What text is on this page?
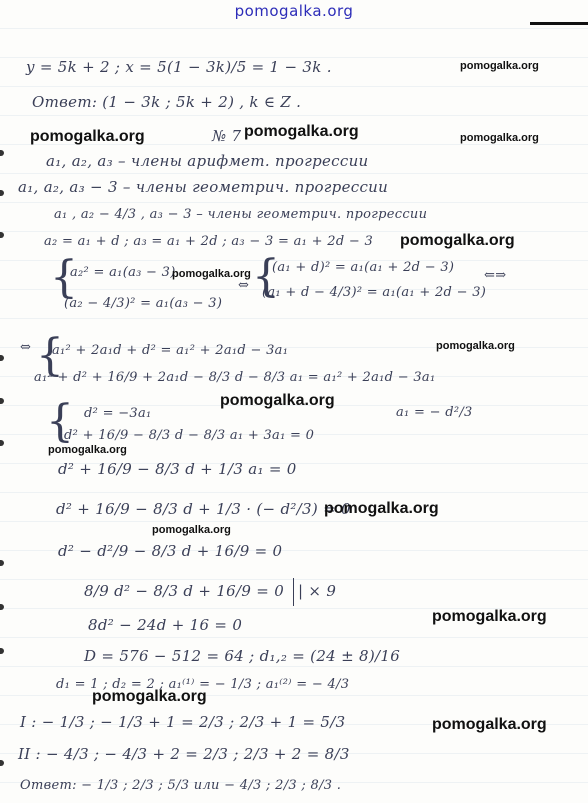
pomogalka.org
y = 5k + 2 ; x = 5(1 − 3k)/5 = 1 − 3k .
Ответ: (1 − 3k ; 5k + 2) , k ∈ Z .
№ 7
a₁, a₂, a₃ – члены арифмет. прогрессии
a₁, a₂, a₃ − 3 – члены геометрич. прогрессии
a₁ , a₂ − 4/3 , a₃ − 3 – члены геометрич. прогрессии
a₂ = a₁ + d ; a₃ = a₁ + 2d ; a₃ − 3 = a₁ + 2d − 3
{
a₂² = a₁(a₃ − 3)
(a₂ − 4/3)² = a₁(a₃ − 3)
⇔ {
(a₁ + d)² = a₁(a₁ + 2d − 3)
(a₁ + d − 4/3)² = a₁(a₁ + 2d − 3)
⇐⇒
⇔ {
a₁² + 2a₁d + d² = a₁² + 2a₁d − 3a₁
a₁² + d² + 16/9 + 2a₁d − 8/3 d − 8/3 a₁ = a₁² + 2a₁d − 3a₁
{ d² = −3a₁
d² + 16/9 − 8/3 d − 8/3 a₁ + 3a₁ = 0
a₁ = − d²/3
d² + 16/9 − 8/3 d + 1/3 a₁ = 0
d² + 16/9 − 8/3 d + 1/3 · (− d²/3) = 0
d² − d²/9 − 8/3 d + 16/9 = 0
8/9 d² − 8/3 d + 16/9 = 0 | × 9
8d² − 24d + 16 = 0
D = 576 − 512 = 64 ; d₁,₂ = (24 ± 8)/16
d₁ = 1 ; d₂ = 2 ; a₁⁽¹⁾ = − 1/3 ; a₁⁽²⁾ = − 4/3
I : − 1/3 ; − 1/3 + 1 = 2/3 ; 2/3 + 1 = 5/3
II : − 4/3 ; − 4/3 + 2 = 2/3 ; 2/3 + 2 = 8/3
Ответ: − 1/3 ; 2/3 ; 5/3 или − 4/3 ; 2/3 ; 8/3 .
pomogalka.org
pomogalka.org	pomogalka.org	pomogalka.org
pomogalka.org
pomogalka.org
pomogalka.org
pomogalka.org
pomogalka.org
pomogalka.org
pomogalka.org
pomogalka.org
pomogalka.org
pomogalka.org
